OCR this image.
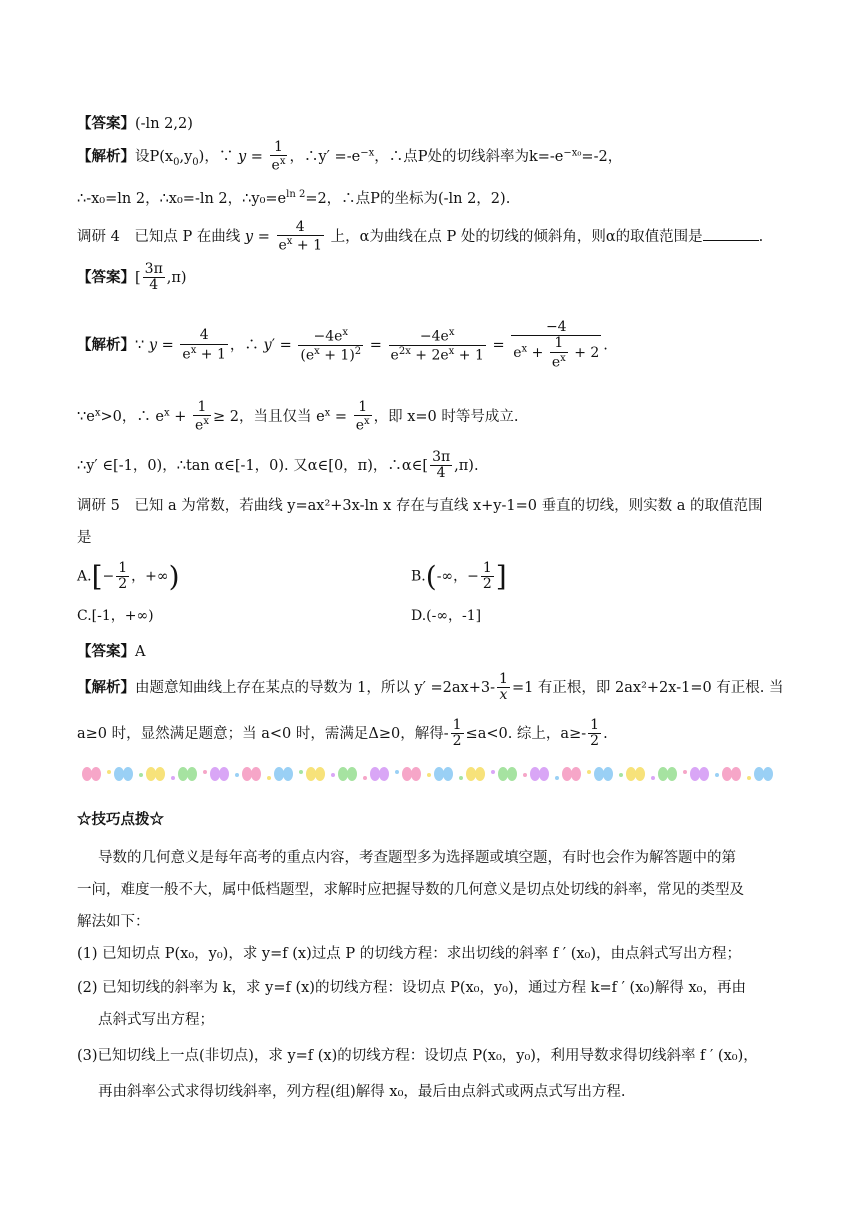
【答案】(-ln 2,2)
【解析】设$P(x_0,y_0)$，∵ $y = \frac{1}{e^x}$ ，∴y′ $=-e^{-x}$，∴点P处的切线斜率为$k=-e^{-x_0}=-2$，
∴-x₀=ln 2，∴x₀=-ln 2，$\therefore y_0=e^{ln 2}=2$，∴点P的坐标为(-ln 2，2).
调研 4　已知点 P 在曲线 $y = \frac{4}{e^x + 1}$ 上，α为曲线在点 P 处的切线的倾斜角，则α的取值范围是	.
【答案】[ $\frac{3\pi}{4} ,\pi$)
【解析】∵ $y = \frac{4}{e^x + 1}$ ，∴ $y' = \frac{-4e^x}{(e^x + 1)^2} = \frac{-4e^x}{e^{2x} + 2e^x + 1} = \frac{-4}{e^x + \frac{1}{e^x} + 2}$ .
$\because e^x>0$，∴ $e^x + \frac{1}{e^x} \ge 2$，当且仅当 $e^x = \frac{1}{e^x}$ ，即 x=0 时等号成立.
∴y′ ∈[-1，0)，∴tan α∈[-1，0). 又α∈[0，π)，∴α∈[ $\frac{3\pi}{4} ,\pi$).
调研 5　已知 a 为常数，若曲线 y=ax²+3x-ln x 存在与直线 x+y-1=0 垂直的切线，则实数 a 的取值范围
是
$A.[- \frac{1}{2}$ ，+∞)	B.(-∞，− $\frac{1}{2}$ ]
C.[-1，+∞)	D.(-∞，-1]
【答案】A
【解析】由题意知曲线上存在某点的导数为 1，所以 $y' =2ax+3- \frac{1}{x} =1$ 有正根，即 2ax²+2x-1=0 有正根. 当
a≥0 时，显然满足题意；当 a<0 时，需满足Δ≥0，解得- $\frac{1}{2} \le a<0$. 综上，$a\ge- \frac{1}{2}$ .
☆技巧点拨☆
导数的几何意义是每年高考的重点内容，考查题型多为选择题或填空题，有时也会作为解答题中的第
一问，难度一般不大，属中低档题型，求解时应把握导数的几何意义是切点处切线的斜率，常见的类型及
解法如下：
(1) 已知切点 P(x₀，y₀)，求 y=f (x)过点 P 的切线方程：求出切线的斜率 f ′ (x₀)，由点斜式写出方程；
(2) 已知切线的斜率为 k，求 y=f (x)的切线方程：设切点 P(x₀，y₀)，通过方程 k=f ′ (x₀)解得 x₀，再由
点斜式写出方程；
(3)已知切线上一点(非切点)，求 y=f (x)的切线方程：设切点 P(x₀，y₀)，利用导数求得切线斜率 f ′ (x₀)，
再由斜率公式求得切线斜率，列方程(组)解得 x₀，最后由点斜式或两点式写出方程.
